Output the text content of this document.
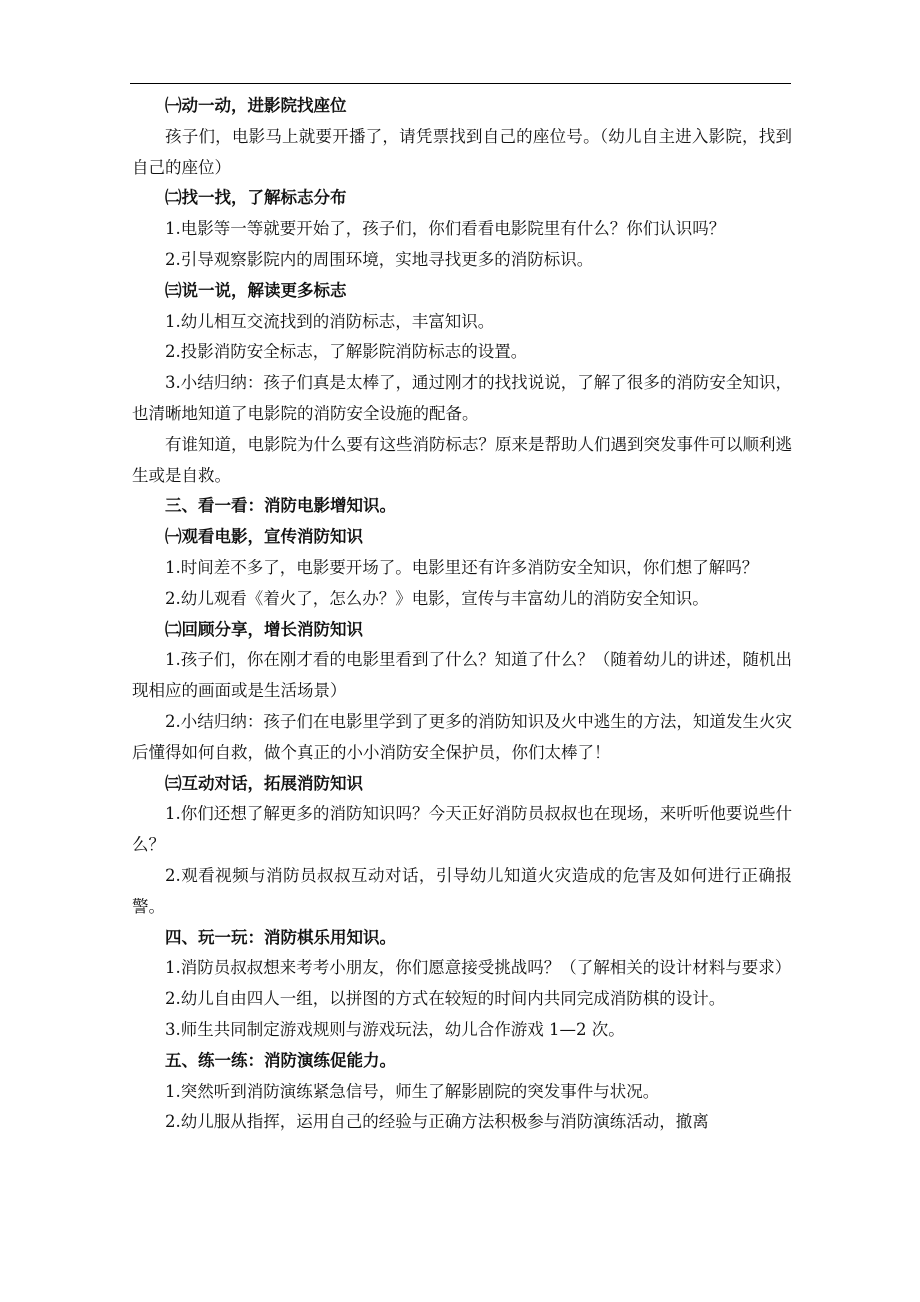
㈠动一动，进影院找座位

孩子们，电影马上就要开播了，请凭票找到自己的座位号。（幼儿自主进入影院，找到自己的座位）

㈡找一找，了解标志分布

1.电影等一等就要开始了，孩子们，你们看看电影院里有什么？你们认识吗？

2.引导观察影院内的周围环境，实地寻找更多的消防标识。

㈢说一说，解读更多标志

1.幼儿相互交流找到的消防标志，丰富知识。

2.投影消防安全标志，了解影院消防标志的设置。

3.小结归纳：孩子们真是太棒了，通过刚才的找找说说，了解了很多的消防安全知识，也清晰地知道了电影院的消防安全设施的配备。

有谁知道，电影院为什么要有这些消防标志？原来是帮助人们遇到突发事件可以顺利逃生或是自救。

三、看一看：消防电影增知识。

㈠观看电影，宣传消防知识

1.时间差不多了，电影要开场了。电影里还有许多消防安全知识，你们想了解吗？

2.幼儿观看《着火了，怎么办？》电影，宣传与丰富幼儿的消防安全知识。

㈡回顾分享，增长消防知识

1.孩子们，你在刚才看的电影里看到了什么？知道了什么？（随着幼儿的讲述，随机出现相应的画面或是生活场景）

2.小结归纳：孩子们在电影里学到了更多的消防知识及火中逃生的方法，知道发生火灾后懂得如何自救，做个真正的小小消防安全保护员，你们太棒了！

㈢互动对话，拓展消防知识

1.你们还想了解更多的消防知识吗？今天正好消防员叔叔也在现场，来听听他要说些什么？

2.观看视频与消防员叔叔互动对话，引导幼儿知道火灾造成的危害及如何进行正确报警。

四、玩一玩：消防棋乐用知识。

1.消防员叔叔想来考考小朋友，你们愿意接受挑战吗？（了解相关的设计材料与要求）

2.幼儿自由四人一组，以拼图的方式在较短的时间内共同完成消防棋的设计。

3.师生共同制定游戏规则与游戏玩法，幼儿合作游戏 1—2 次。

五、练一练：消防演练促能力。

1.突然听到消防演练紧急信号，师生了解影剧院的突发事件与状况。

2.幼儿服从指挥，运用自己的经验与正确方法积极参与消防演练活动，撤离
